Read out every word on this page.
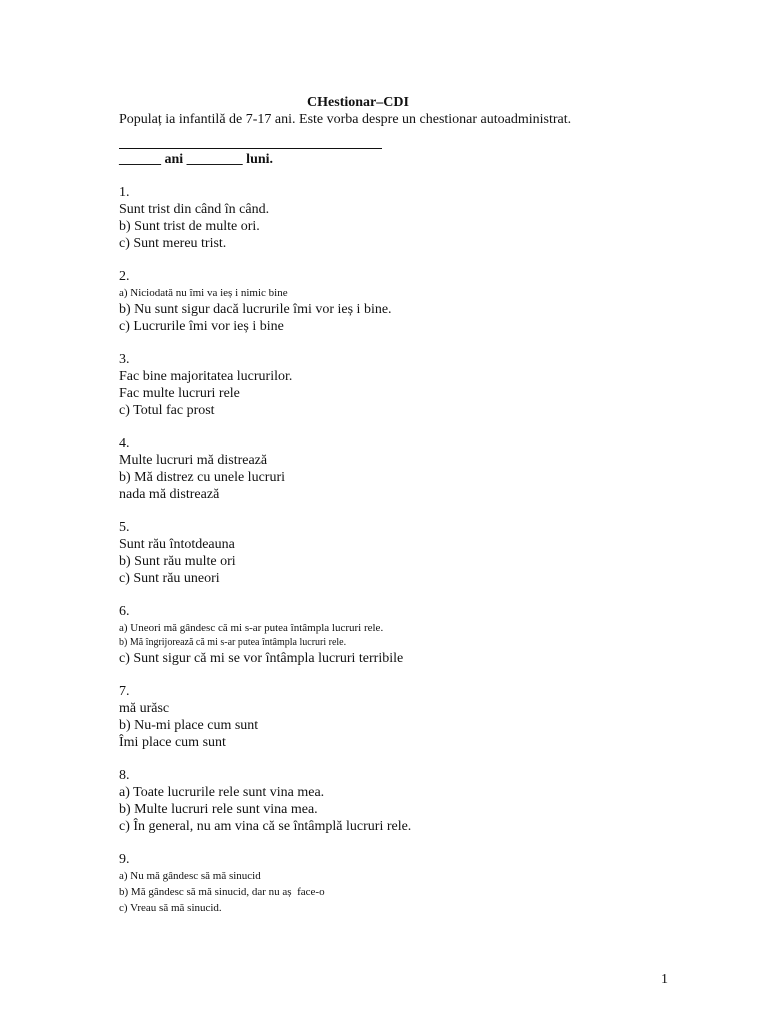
CHestionar–CDI

Populaț ia infantilă de 7-17 ani. Este vorba despre un chestionar autoadministrat.

______ ani ________ luni.
1.
Sunt trist din când în când.
b) Sunt trist de multe ori.
c) Sunt mereu trist.
2.
a) Niciodată nu îmi va ieș i nimic bine
b) Nu sunt sigur dacă lucrurile îmi vor ieș i bine.
c) Lucrurile îmi vor ieș i bine
3.
Fac bine majoritatea lucrurilor.
Fac multe lucruri rele
c) Totul fac prost
4.
Multe lucruri mă distrează
b) Mă distrez cu unele lucruri
nada mă distrează
5.
Sunt rău întotdeauna
b) Sunt rău multe ori
c) Sunt rău uneori
6.
a) Uneori mă gândesc că mi s-ar putea întâmpla lucruri rele.
b) Mă îngrijorează că mi s-ar putea întâmpla lucruri rele.
c) Sunt sigur că mi se vor întâmpla lucruri terribile
7.
mă urăsc
b) Nu-mi place cum sunt
Îmi place cum sunt
8.
a) Toate lucrurile rele sunt vina mea.
b) Multe lucruri rele sunt vina mea.
c) În general, nu am vina că se întâmplă lucruri rele.
9.
a) Nu mă gândesc să mă sinucid
b) Mă gândesc să mă sinucid, dar nu aș  face-o
c) Vreau să mă sinucid.
1
